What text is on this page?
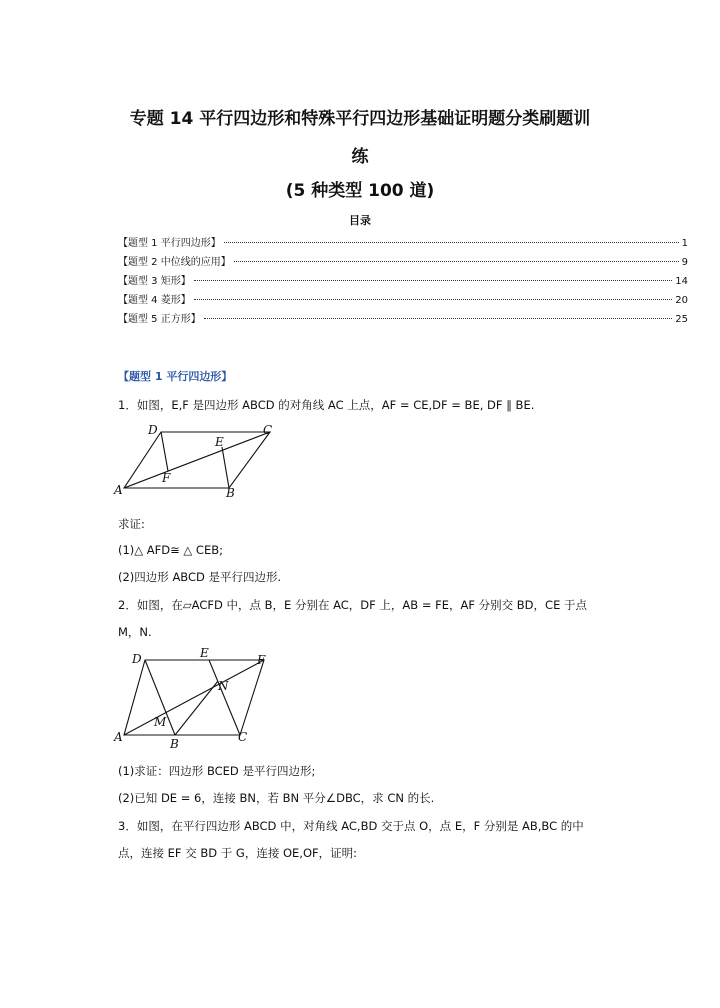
专题 14 平行四边形和特殊平行四边形基础证明题分类刷题训
练
(5 种类型 100 道)
目录
【题型 1 平行四边形】	1
【题型 2 中位线的应用】	9
【题型 3 矩形】	14
【题型 4 菱形】	20
【题型 5 正方形】	25
【题型 1 平行四边形】
1．如图，E,F 是四边形 ABCD 的对角线 AC 上点，AF = CE,DF = BE, DF ∥ BE.
A	B
C
D
E
F
求证:
(1)△ AFD≅ △ CEB;
(2)四边形 ABCD 是平行四边形.
2．如图，在▱ACFD 中，点 B，E 分别在 AC，DF 上，AB = FE，AF 分别交 BD，CE 于点
M，N.
A	B	C
D	E	F
M
N
(1)求证：四边形 BCED 是平行四边形;
(2)已知 DE = 6，连接 BN，若 BN 平分∠DBC，求 CN 的长.
3．如图，在平行四边形 ABCD 中，对角线 AC,BD 交于点 O，点 E，F 分别是 AB,BC 的中
点，连接 EF 交 BD 于 G，连接 OE,OF，证明:
